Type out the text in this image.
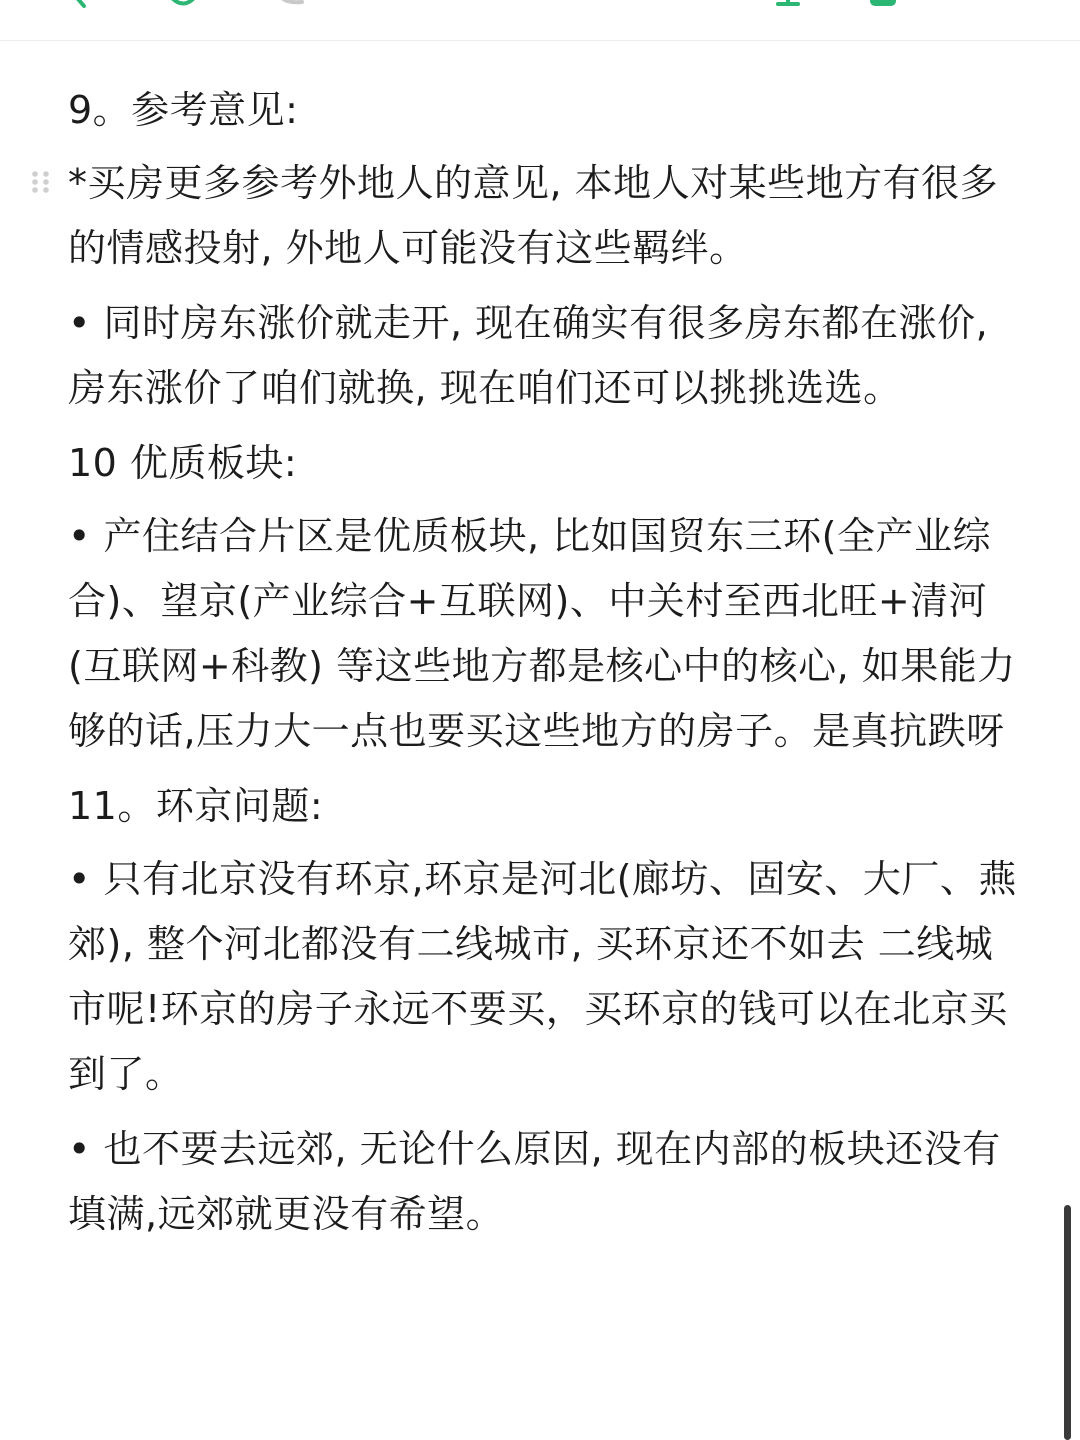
9。参考意见:

*买房更多参考外地人的意见, 本地人对某些地方有很多的情感投射, 外地人可能没有这些羁绊。

• 同时房东涨价就走开, 现在确实有很多房东都在涨价,房东涨价了咱们就换, 现在咱们还可以挑挑选选。

10 优质板块:

• 产住结合片区是优质板块, 比如国贸东三环(全产业综合)、望京(产业综合+互联网)、中关村至西北旺+清河(互联网+科教) 等这些地方都是核心中的核心, 如果能力够的话,压力大一点也要买这些地方的房子。是真抗跌呀

11。环京问题:

• 只有北京没有环京,环京是河北(廊坊、固安、大厂、燕郊), 整个河北都没有二线城市, 买环京还不如去 二线城市呢!环京的房子永远不要买，买环京的钱可以在北京买到了。

• 也不要去远郊, 无论什么原因, 现在内部的板块还没有填满,远郊就更没有希望。
